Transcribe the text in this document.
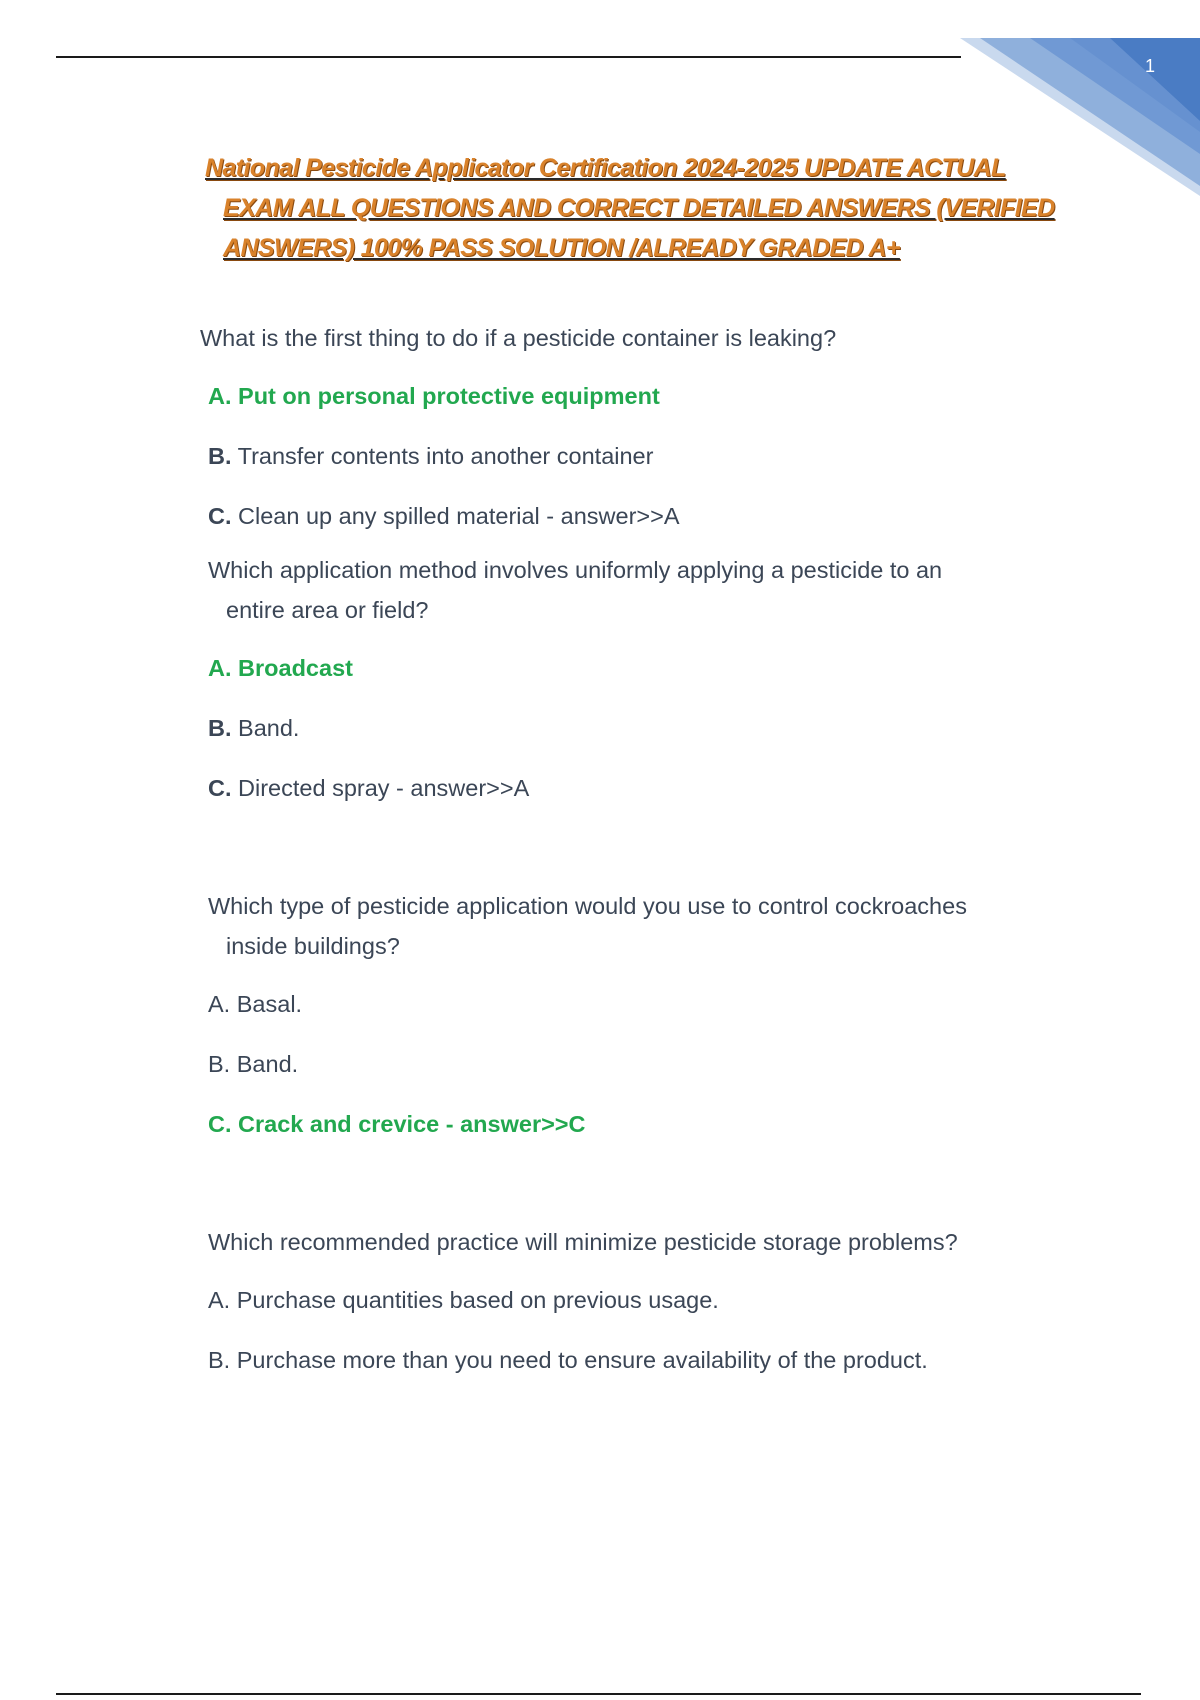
1
National Pesticide Applicator Certification 2024-2025 UPDATE ACTUAL
EXAM ALL QUESTIONS AND CORRECT DETAILED ANSWERS (VERIFIED
ANSWERS) 100% PASS SOLUTION /ALREADY GRADED A+
What is the first thing to do if a pesticide container is leaking?
A. Put on personal protective equipment
B. Transfer contents into another container
C. Clean up any spilled material - answer>>A
Which application method involves uniformly applying a pesticide to an
entire area or field?
A. Broadcast
B. Band.
C. Directed spray - answer>>A
Which type of pesticide application would you use to control cockroaches
inside buildings?
A. Basal.
B. Band.
C. Crack and crevice - answer>>C
Which recommended practice will minimize pesticide storage problems?
A. Purchase quantities based on previous usage.
B. Purchase more than you need to ensure availability of the product.
